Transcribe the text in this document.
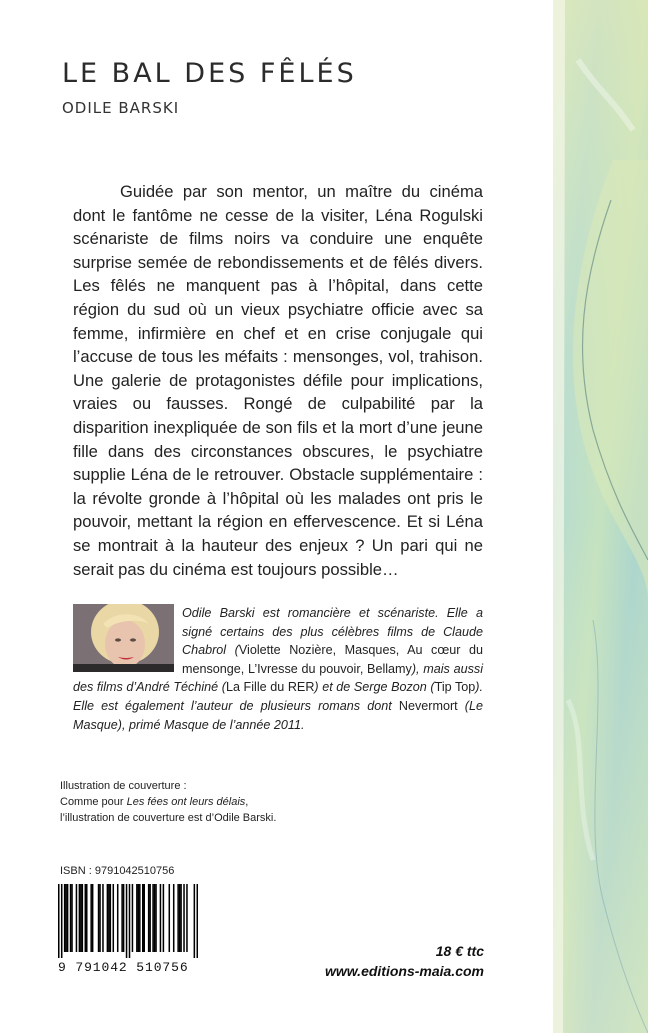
LE BAL DES FÊLÉS
ODILE BARSKI

Guidée par son mentor, un maître du cinéma dont le fantôme ne cesse de la visiter, Léna Rogulski scénariste de films noirs va conduire une enquête surprise semée de rebondissements et de fêlés divers. Les fêlés ne manquent pas à l’hôpital, dans cette région du sud où un vieux psychiatre officie avec sa femme, infirmière en chef et en crise conjugale qui l’accuse de tous les méfaits : mensonges, vol, trahison. Une galerie de protagonistes défile pour implications, vraies ou fausses. Rongé de culpabilité par la disparition inexpliquée de son fils et la mort d’une jeune fille dans des circonstances obscures, le psychiatre supplie Léna de le retrouver. Obstacle supplémentaire : la révolte gronde à l’hôpital où les malades ont pris le pouvoir, mettant la région en effervescence. Et si Léna se montrait à la hauteur des enjeux ? Un pari qui ne serait pas du cinéma est toujours possible…

Odile Barski est romancière et scénariste. Elle a signé certains des plus célèbres films de Claude Chabrol (Violette Nozière, Masques, Au cœur du mensonge, L’Ivresse du pouvoir, Bellamy), mais aussi des films d’André Téchiné (La Fille du RER) et de Serge Bozon (Tip Top). Elle est également l’auteur de plusieurs romans dont Nevermort (Le Masque), primé Masque de l’année 2011.

Illustration de couverture :
Comme pour Les fées ont leurs délais,
l’illustration de couverture est d’Odile Barski.
ISBN : 9791042510756
9 791042 510756
18 € ttc
www.editions-maia.com
